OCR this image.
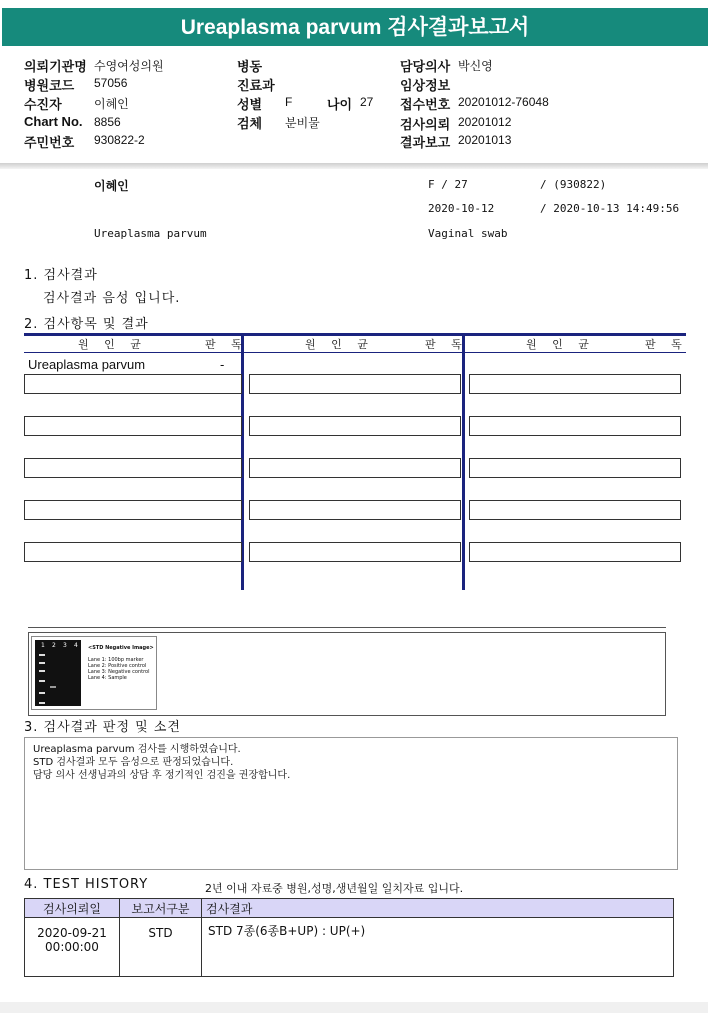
Ureaplasma parvum 검사결과보고서
의뢰기관명 수영여성의원
병원코드 57056
수진자	이혜인
Chart No. 8856
주민번호 930822-2
병동
진료과
성별 F	나이 27
검체 분비물
담당의사 박신영
임상정보
접수번호 20201012-76048
검사의뢰 20201012
결과보고 20201013
이혜인	F / 27	/ (930822)
2020-10-12	/ 2020-10-13 14:49:56
Ureaplasma parvum	Vaginal swab
1. 검사결과
검사결과 음성 입니다.
2. 검사항목 및 결과
원 인 균	판 독	원 인 균	판 독	원 인 균	판 독
Ureaplasma parvum	-
1 2 3 4 <STD Negative Image>
Lane 1: 100bp marker
Lane 2: Positive control
Lane 3: Negative control
Lane 4: Sample
3. 검사결과 판정 및 소견
Ureaplasma parvum 검사를 시행하였습니다.
STD 검사결과 모두 음성으로 판정되었습니다.
담당 의사 선생님과의 상담 후 정기적인 검진을 권장합니다.
4. TEST HISTORY	2년 이내 자료중 병원,성명,생년월일 일치자료 입니다.
검사의뢰일	보고서구분	검사결과

2020-09-21
00:00:00	STD	STD 7종(6종B+UP) : UP(+)
